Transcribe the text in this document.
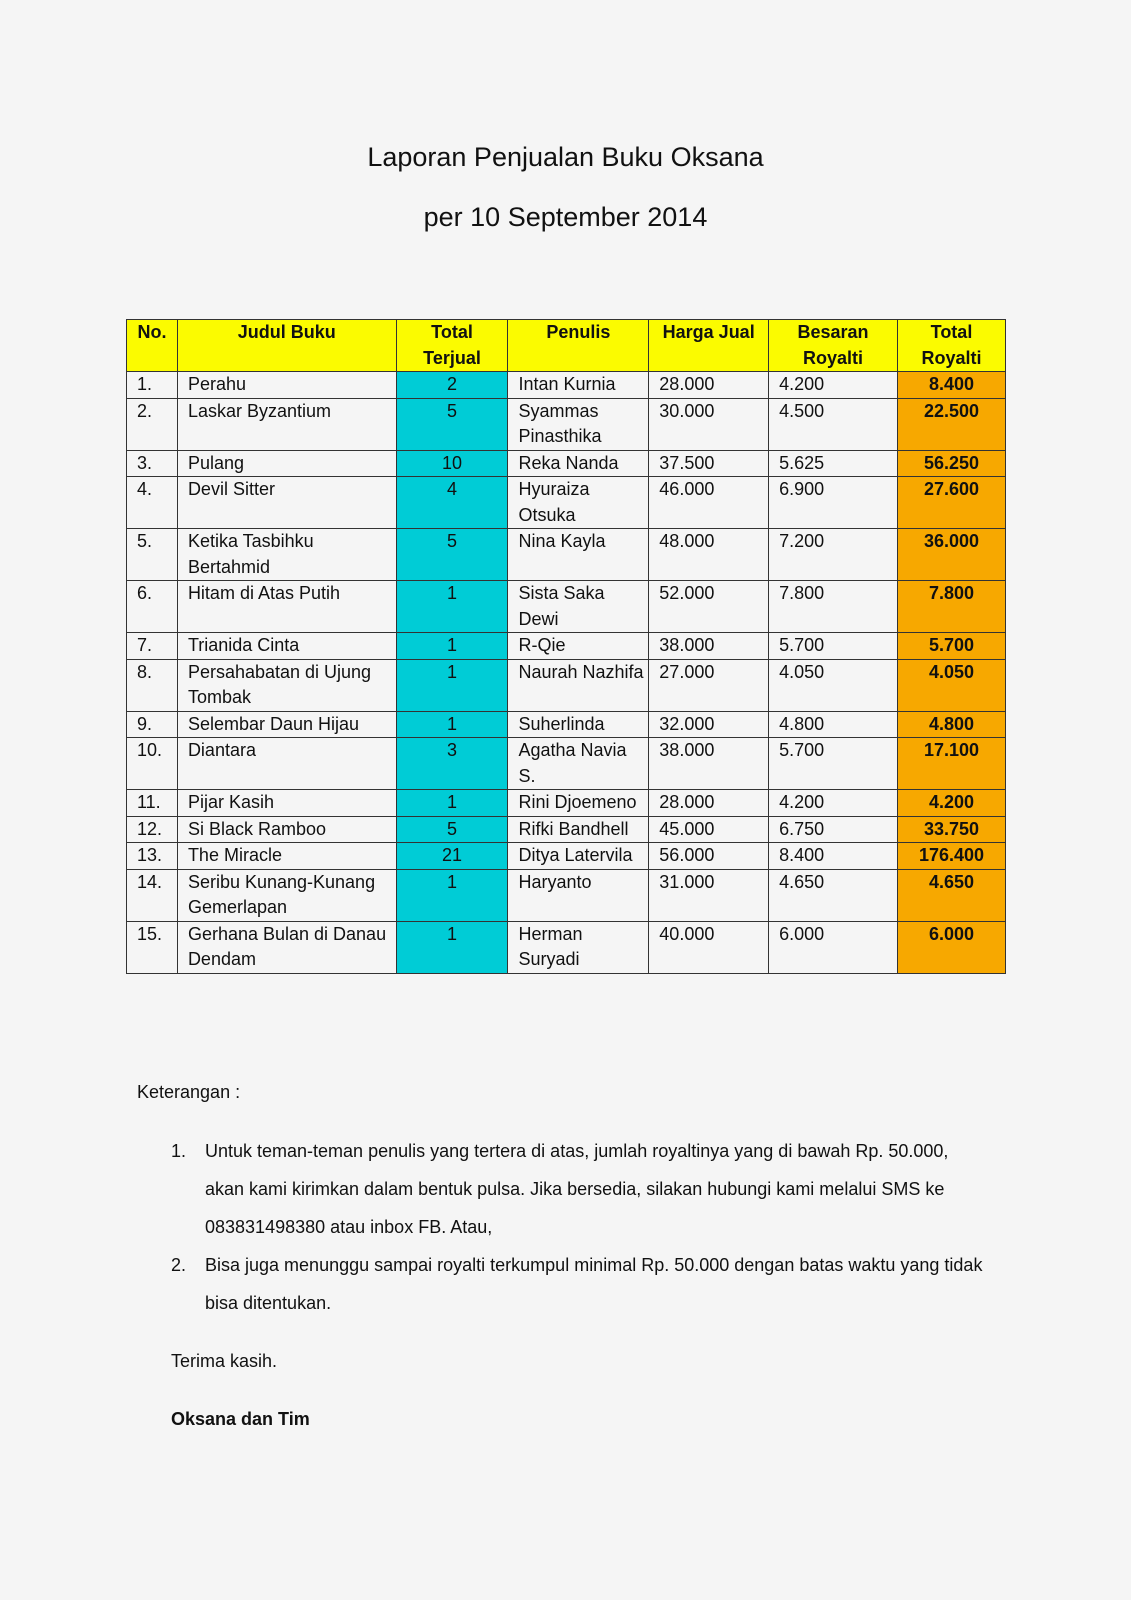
Laporan Penjualan Buku Oksana
per 10 September 2014
No.	Judul Buku	Total Terjual	Penulis	Harga Jual	Besaran Royalti	Total Royalti
1.	Perahu	2	Intan Kurnia	28.000	4.200	8.400
2.	Laskar Byzantium	5	Syammas Pinasthika	30.000	4.500	22.500
3.	Pulang	10	Reka Nanda	37.500	5.625	56.250
4.	Devil Sitter	4	Hyuraiza Otsuka	46.000	6.900	27.600
5.	Ketika Tasbihku Bertahmid	5	Nina Kayla	48.000	7.200	36.000
6.	Hitam di Atas Putih	1	Sista Saka Dewi	52.000	7.800	7.800
7.	Trianida Cinta	1	R-Qie	38.000	5.700	5.700
8.	Persahabatan di Ujung Tombak	1	Naurah Nazhifa	27.000	4.050	4.050
9.	Selembar Daun Hijau	1	Suherlinda	32.000	4.800	4.800
10.	Diantara	3	Agatha Navia S.	38.000	5.700	17.100
11.	Pijar Kasih	1	Rini Djoemeno	28.000	4.200	4.200
12.	Si Black Ramboo	5	Rifki Bandhell	45.000	6.750	33.750
13.	The Miracle	21	Ditya Latervila	56.000	8.400	176.400
14.	Seribu Kunang-Kunang Gemerlapan	1	Haryanto	31.000	4.650	4.650
15.	Gerhana Bulan di Danau Dendam	1	Herman Suryadi	40.000	6.000	6.000
Keterangan :
1. Untuk teman-teman penulis yang tertera di atas, jumlah royaltinya yang di bawah Rp. 50.000, akan kami kirimkan dalam bentuk pulsa. Jika bersedia, silakan hubungi kami melalui SMS ke 083831498380 atau inbox FB. Atau,
2. Bisa juga menunggu sampai royalti terkumpul minimal Rp. 50.000 dengan batas waktu yang tidak bisa ditentukan.
Terima kasih.
Oksana dan Tim
